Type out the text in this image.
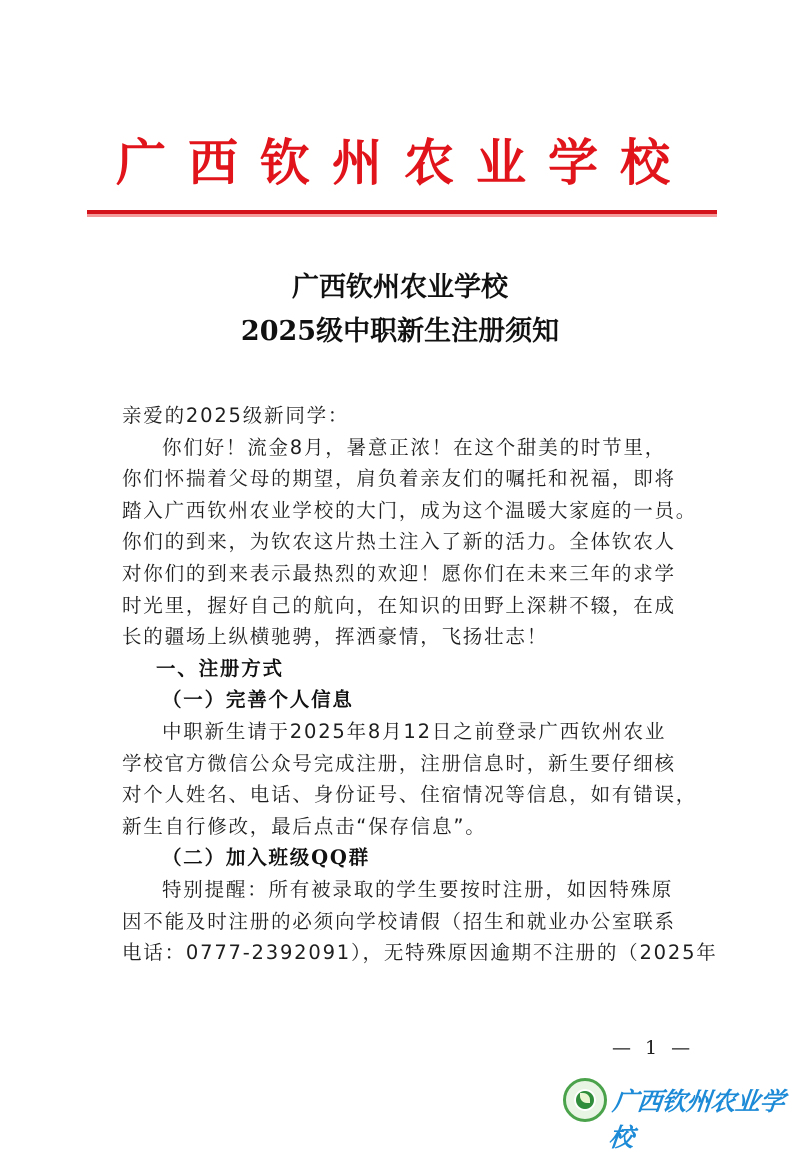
广西钦州农业学校
广西钦州农业学校
2025级中职新生注册须知
亲爱的2025级新同学：
你们好！流金8月，暑意正浓！在这个甜美的时节里，
你们怀揣着父母的期望，肩负着亲友们的嘱托和祝福，即将
踏入广西钦州农业学校的大门，成为这个温暖大家庭的一员。
你们的到来，为钦农这片热土注入了新的活力。全体钦农人
对你们的到来表示最热烈的欢迎！愿你们在未来三年的求学
时光里，握好自己的航向，在知识的田野上深耕不辍，在成
长的疆场上纵横驰骋，挥洒豪情，飞扬壮志！
一、注册方式
（一）完善个人信息
中职新生请于2025年8月12日之前登录广西钦州农业
学校官方微信公众号完成注册，注册信息时，新生要仔细核
对个人姓名、电话、身份证号、住宿情况等信息，如有错误，
新生自行修改，最后点击“保存信息”。
（二）加入班级QQ群
特别提醒：所有被录取的学生要按时注册，如因特殊原
因不能及时注册的必须向学校请假（招生和就业办公室联系
电话：0777-2392091），无特殊原因逾期不注册的（2025年
— 1 —
广西钦州农业学校
